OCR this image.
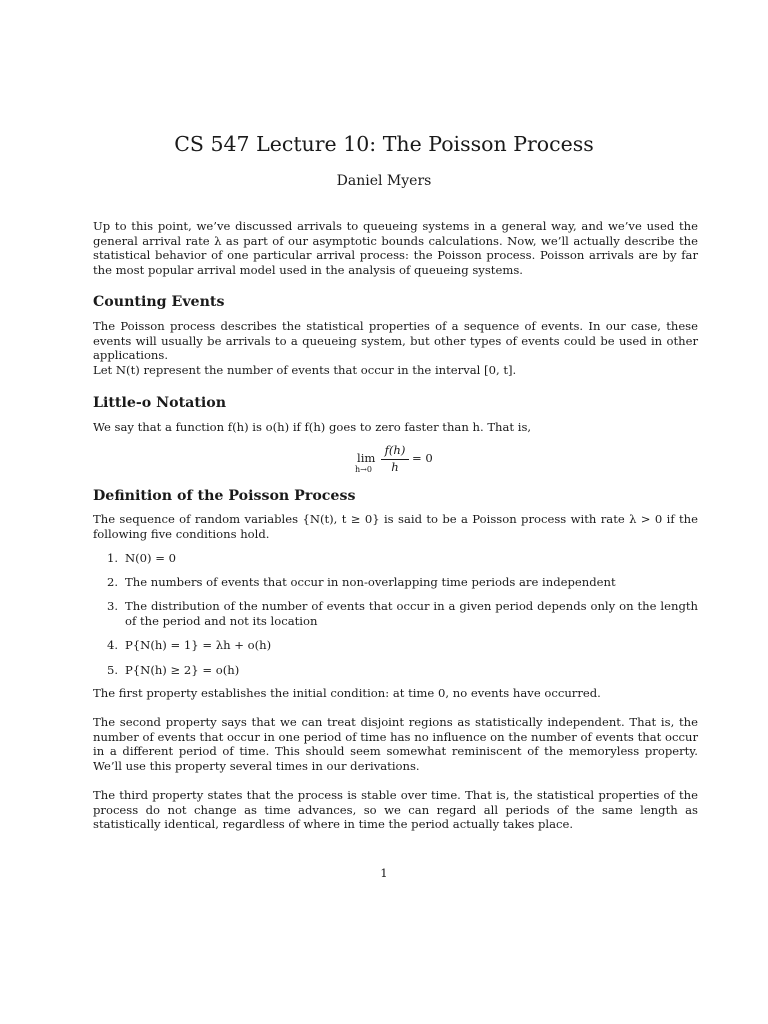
CS 547 Lecture 10: The Poisson Process
Daniel Myers
Up to this point, we’ve discussed arrivals to queueing systems in a general way, and we’ve used the general arrival rate λ as part of our asymptotic bounds calculations. Now, we’ll actually describe the statistical behavior of one particular arrival process: the Poisson process. Poisson arrivals are by far the most popular arrival model used in the analysis of queueing systems.
Counting Events
The Poisson process describes the statistical properties of a sequence of events. In our case, these events will usually be arrivals to a queueing system, but other types of events could be used in other applications.
Let N(t) represent the number of events that occur in the interval [0, t].
Little-o Notation
We say that a function f(h) is o(h) if f(h) goes to zero faster than h. That is,
lim
h→0
f(h)
h
= 0
Definition of the Poisson Process
The sequence of random variables {N(t), t ≥ 0} is said to be a Poisson process with rate λ > 0 if the following five conditions hold.
1. N(0) = 0
2. The numbers of events that occur in non-overlapping time periods are independent
3. The distribution of the number of events that occur in a given period depends only on the length of the period and not its location
4. P{N(h) = 1} = λh + o(h)
5. P{N(h) ≥ 2} = o(h)
The first property establishes the initial condition: at time 0, no events have occurred.
The second property says that we can treat disjoint regions as statistically independent. That is, the number of events that occur in one period of time has no influence on the number of events that occur in a different period of time. This should seem somewhat reminiscent of the memoryless property. We’ll use this property several times in our derivations.
The third property states that the process is stable over time. That is, the statistical properties of the process do not change as time advances, so we can regard all periods of the same length as statistically identical, regardless of where in time the period actually takes place.
1
